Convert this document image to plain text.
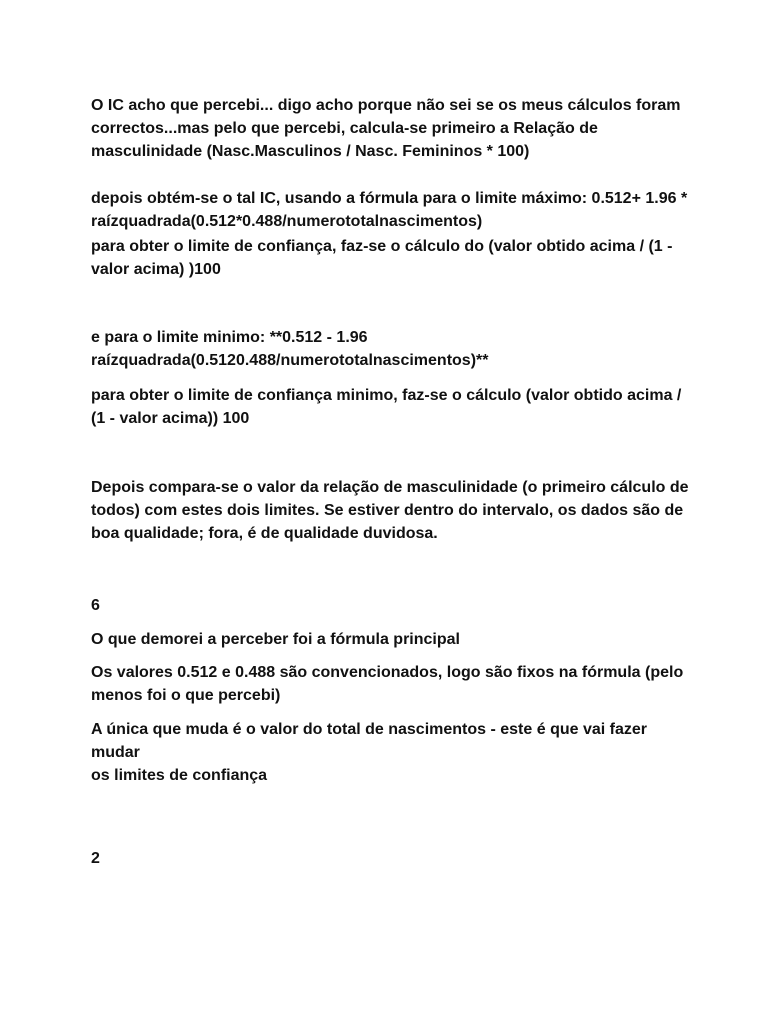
O IC acho que percebi... digo acho porque não sei se os meus cálculos foram
correctos...mas pelo que percebi, calcula-se primeiro a Relação de
masculinidade (Nasc.Masculinos / Nasc. Femininos * 100)

depois obtém-se o tal IC, usando a fórmula para o limite máximo: 0.512+ 1.96 *
raízquadrada(0.512*0.488/numerototalnascimentos)

para obter o limite de confiança, faz-se o cálculo do (valor obtido acima / (1 -
valor acima) )100

e para o limite minimo: **0.512 - 1.96
raízquadrada(0.5120.488/numerototalnascimentos)**

para obter o limite de confiança minimo, faz-se o cálculo (valor obtido acima /
(1 - valor acima)) 100

Depois compara-se o valor da relação de masculinidade (o primeiro cálculo de
todos) com estes dois limites. Se estiver dentro do intervalo, os dados são de
boa qualidade; fora, é de qualidade duvidosa.

6

O que demorei a perceber foi a fórmula principal

Os valores 0.512 e 0.488 são convencionados, logo são fixos na fórmula (pelo
menos foi o que percebi)

A única que muda é o valor do total de nascimentos - este é que vai fazer mudar
os limites de confiança

2
